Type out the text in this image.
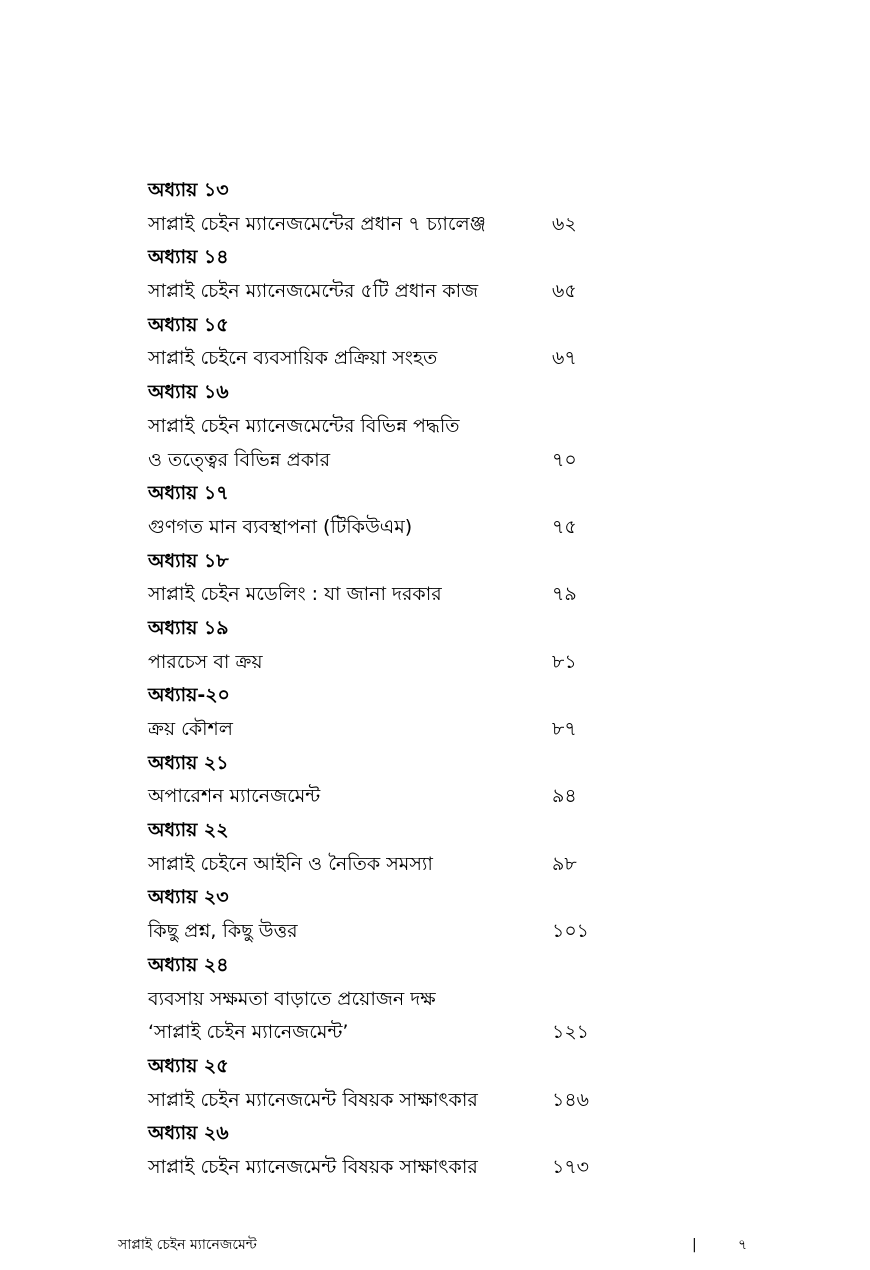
অধ্যায় ১৩
সাপ্লাই চেইন ম্যানেজমেন্টের প্রধান ৭ চ্যালেঞ্জ	৬২
অধ্যায় ১৪
সাপ্লাই চেইন ম্যানেজমেন্টের ৫টি প্রধান কাজ	৬৫
অধ্যায় ১৫
সাপ্লাই চেইনে ব্যবসায়িক প্রক্রিয়া সংহত	৬৭
অধ্যায় ১৬
সাপ্লাই চেইন ম্যানেজমেন্টের বিভিন্ন পদ্ধতি
ও তত্ত্বের বিভিন্ন প্রকার	৭০
অধ্যায় ১৭
গুণগত মান ব্যবস্থাপনা (টিকিউএম)	৭৫
অধ্যায় ১৮
সাপ্লাই চেইন মডেলিং : যা জানা দরকার	৭৯
অধ্যায় ১৯
পারচেস বা ক্রয়	৮১
অধ্যায়-২০
ক্রয় কৌশল	৮৭
অধ্যায় ২১
অপারেশন ম্যানেজমেন্ট	৯৪
অধ্যায় ২২
সাপ্লাই চেইনে আইনি ও নৈতিক সমস্যা	৯৮
অধ্যায় ২৩
কিছু প্রশ্ন, কিছু উত্তর	১০১
অধ্যায় ২৪
ব্যবসায় সক্ষমতা বাড়াতে প্রয়োজন দক্ষ
‘সাপ্লাই চেইন ম্যানেজমেন্ট’	১২১
অধ্যায় ২৫
সাপ্লাই চেইন ম্যানেজমেন্ট বিষয়ক সাক্ষাৎকার	১৪৬
অধ্যায় ২৬
সাপ্লাই চেইন ম্যানেজমেন্ট বিষয়ক সাক্ষাৎকার	১৭৩
সাপ্লাই চেইন ম্যানেজমেন্ট	|	৭
